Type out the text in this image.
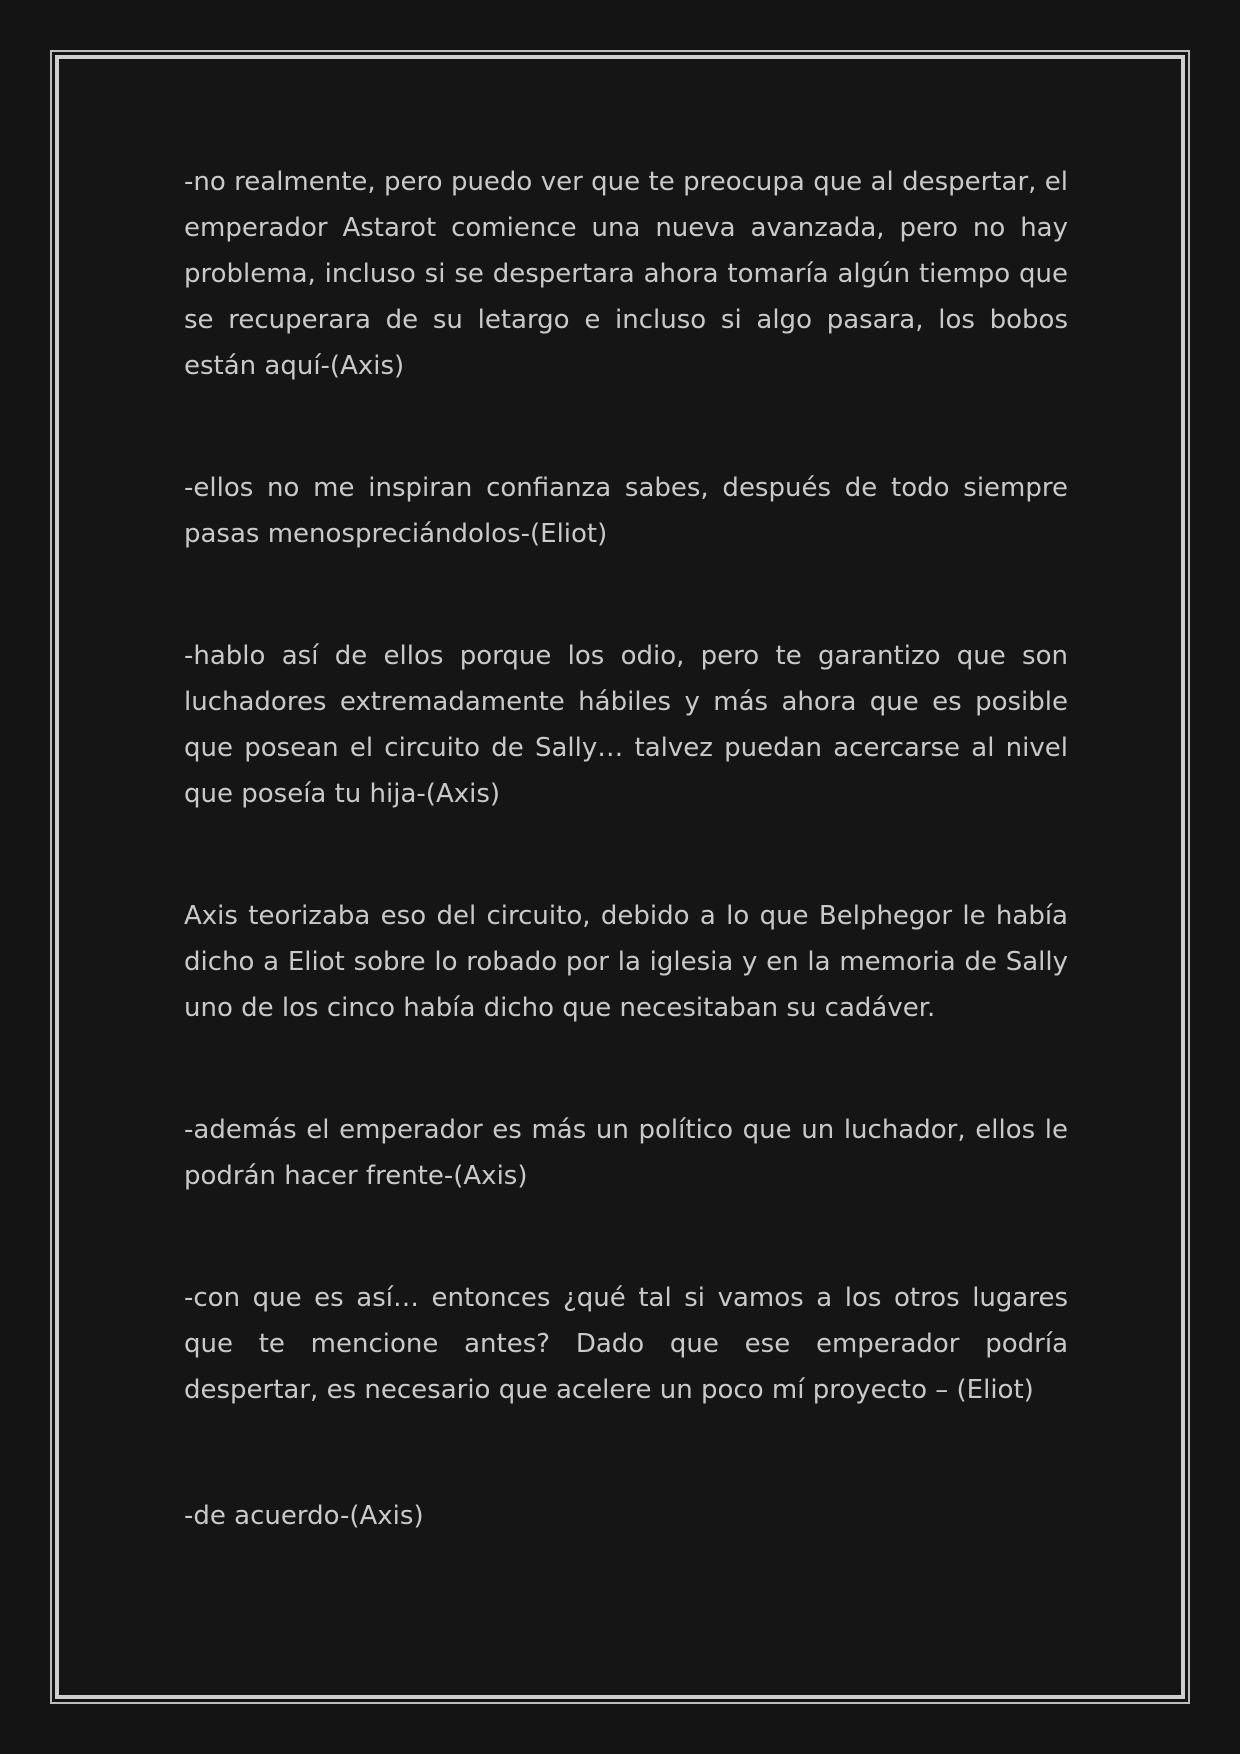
-no realmente, pero puedo ver que te preocupa que al despertar, el emperador Astarot comience una nueva avanzada, pero no hay problema, incluso si se despertara ahora tomaría algún tiempo que se recuperara de su letargo e incluso si algo pasara, los bobos están aquí-(Axis)

-ellos no me inspiran confianza sabes, después de todo siempre pasas menospreciándolos-(Eliot)

-hablo así de ellos porque los odio, pero te garantizo que son luchadores extremadamente hábiles y más ahora que es posible que posean el circuito de Sally… talvez puedan acercarse al nivel que poseía tu hija-(Axis)

Axis teorizaba eso del circuito, debido a lo que Belphegor le había dicho a Eliot sobre lo robado por la iglesia y en la memoria de Sally uno de los cinco había dicho que necesitaban su cadáver.

-además el emperador es más un político que un luchador, ellos le podrán hacer frente-(Axis)

-con que es así… entonces ¿qué tal si vamos a los otros lugares que te mencione antes? Dado que ese emperador podría despertar, es necesario que acelere un poco mí proyecto – (Eliot)

-de acuerdo-(Axis)
